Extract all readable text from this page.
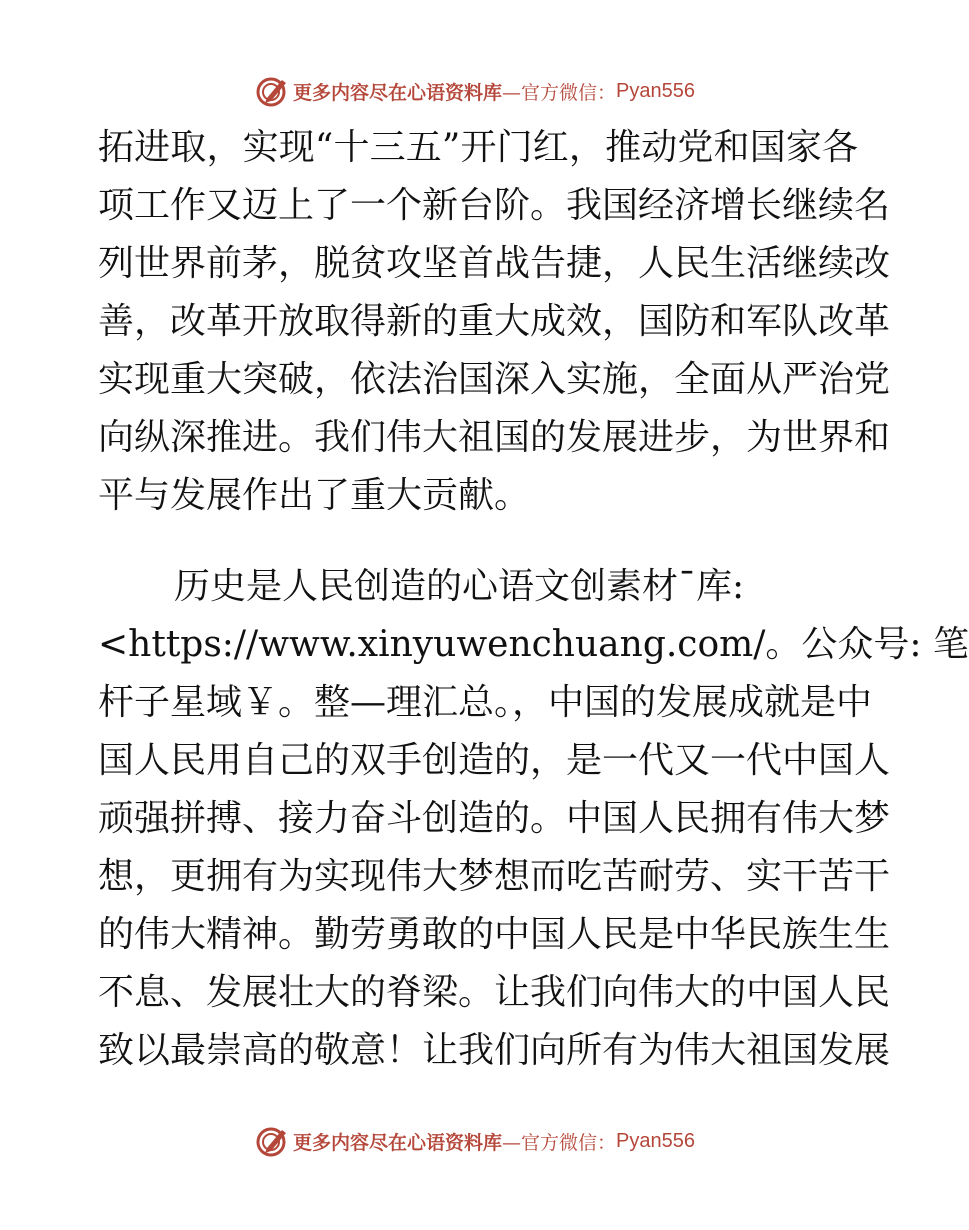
更多内容尽在心语资料库 —官方微信： Pyan556
拓进取，实现“十三五”开门红，推动党和国家各
项工作又迈上了一个新台阶。我国经济增长继续名
列世界前茅，脱贫攻坚首战告捷，人民生活继续改
善，改革开放取得新的重大成效，国防和军队改革
实现重大突破，依法治国深入实施，全面从严治党
向纵深推进。我们伟大祖国的发展进步，为世界和
平与发展作出了重大贡献。
历史是人民创造的心语文创素材¯库:
<https://www.xinyuwenchuang.com/。公众号: 笔
杆子星域￥。整—理汇总。，中国的发展成就是中
国人民用自己的双手创造的，是一代又一代中国人
顽强拼搏、接力奋斗创造的。中国人民拥有伟大梦
想，更拥有为实现伟大梦想而吃苦耐劳、实干苦干
的伟大精神。勤劳勇敢的中国人民是中华民族生生
不息、发展壮大的脊梁。让我们向伟大的中国人民
致以最崇高的敬意！让我们向所有为伟大祖国发展
更多内容尽在心语资料库 —官方微信： Pyan556
